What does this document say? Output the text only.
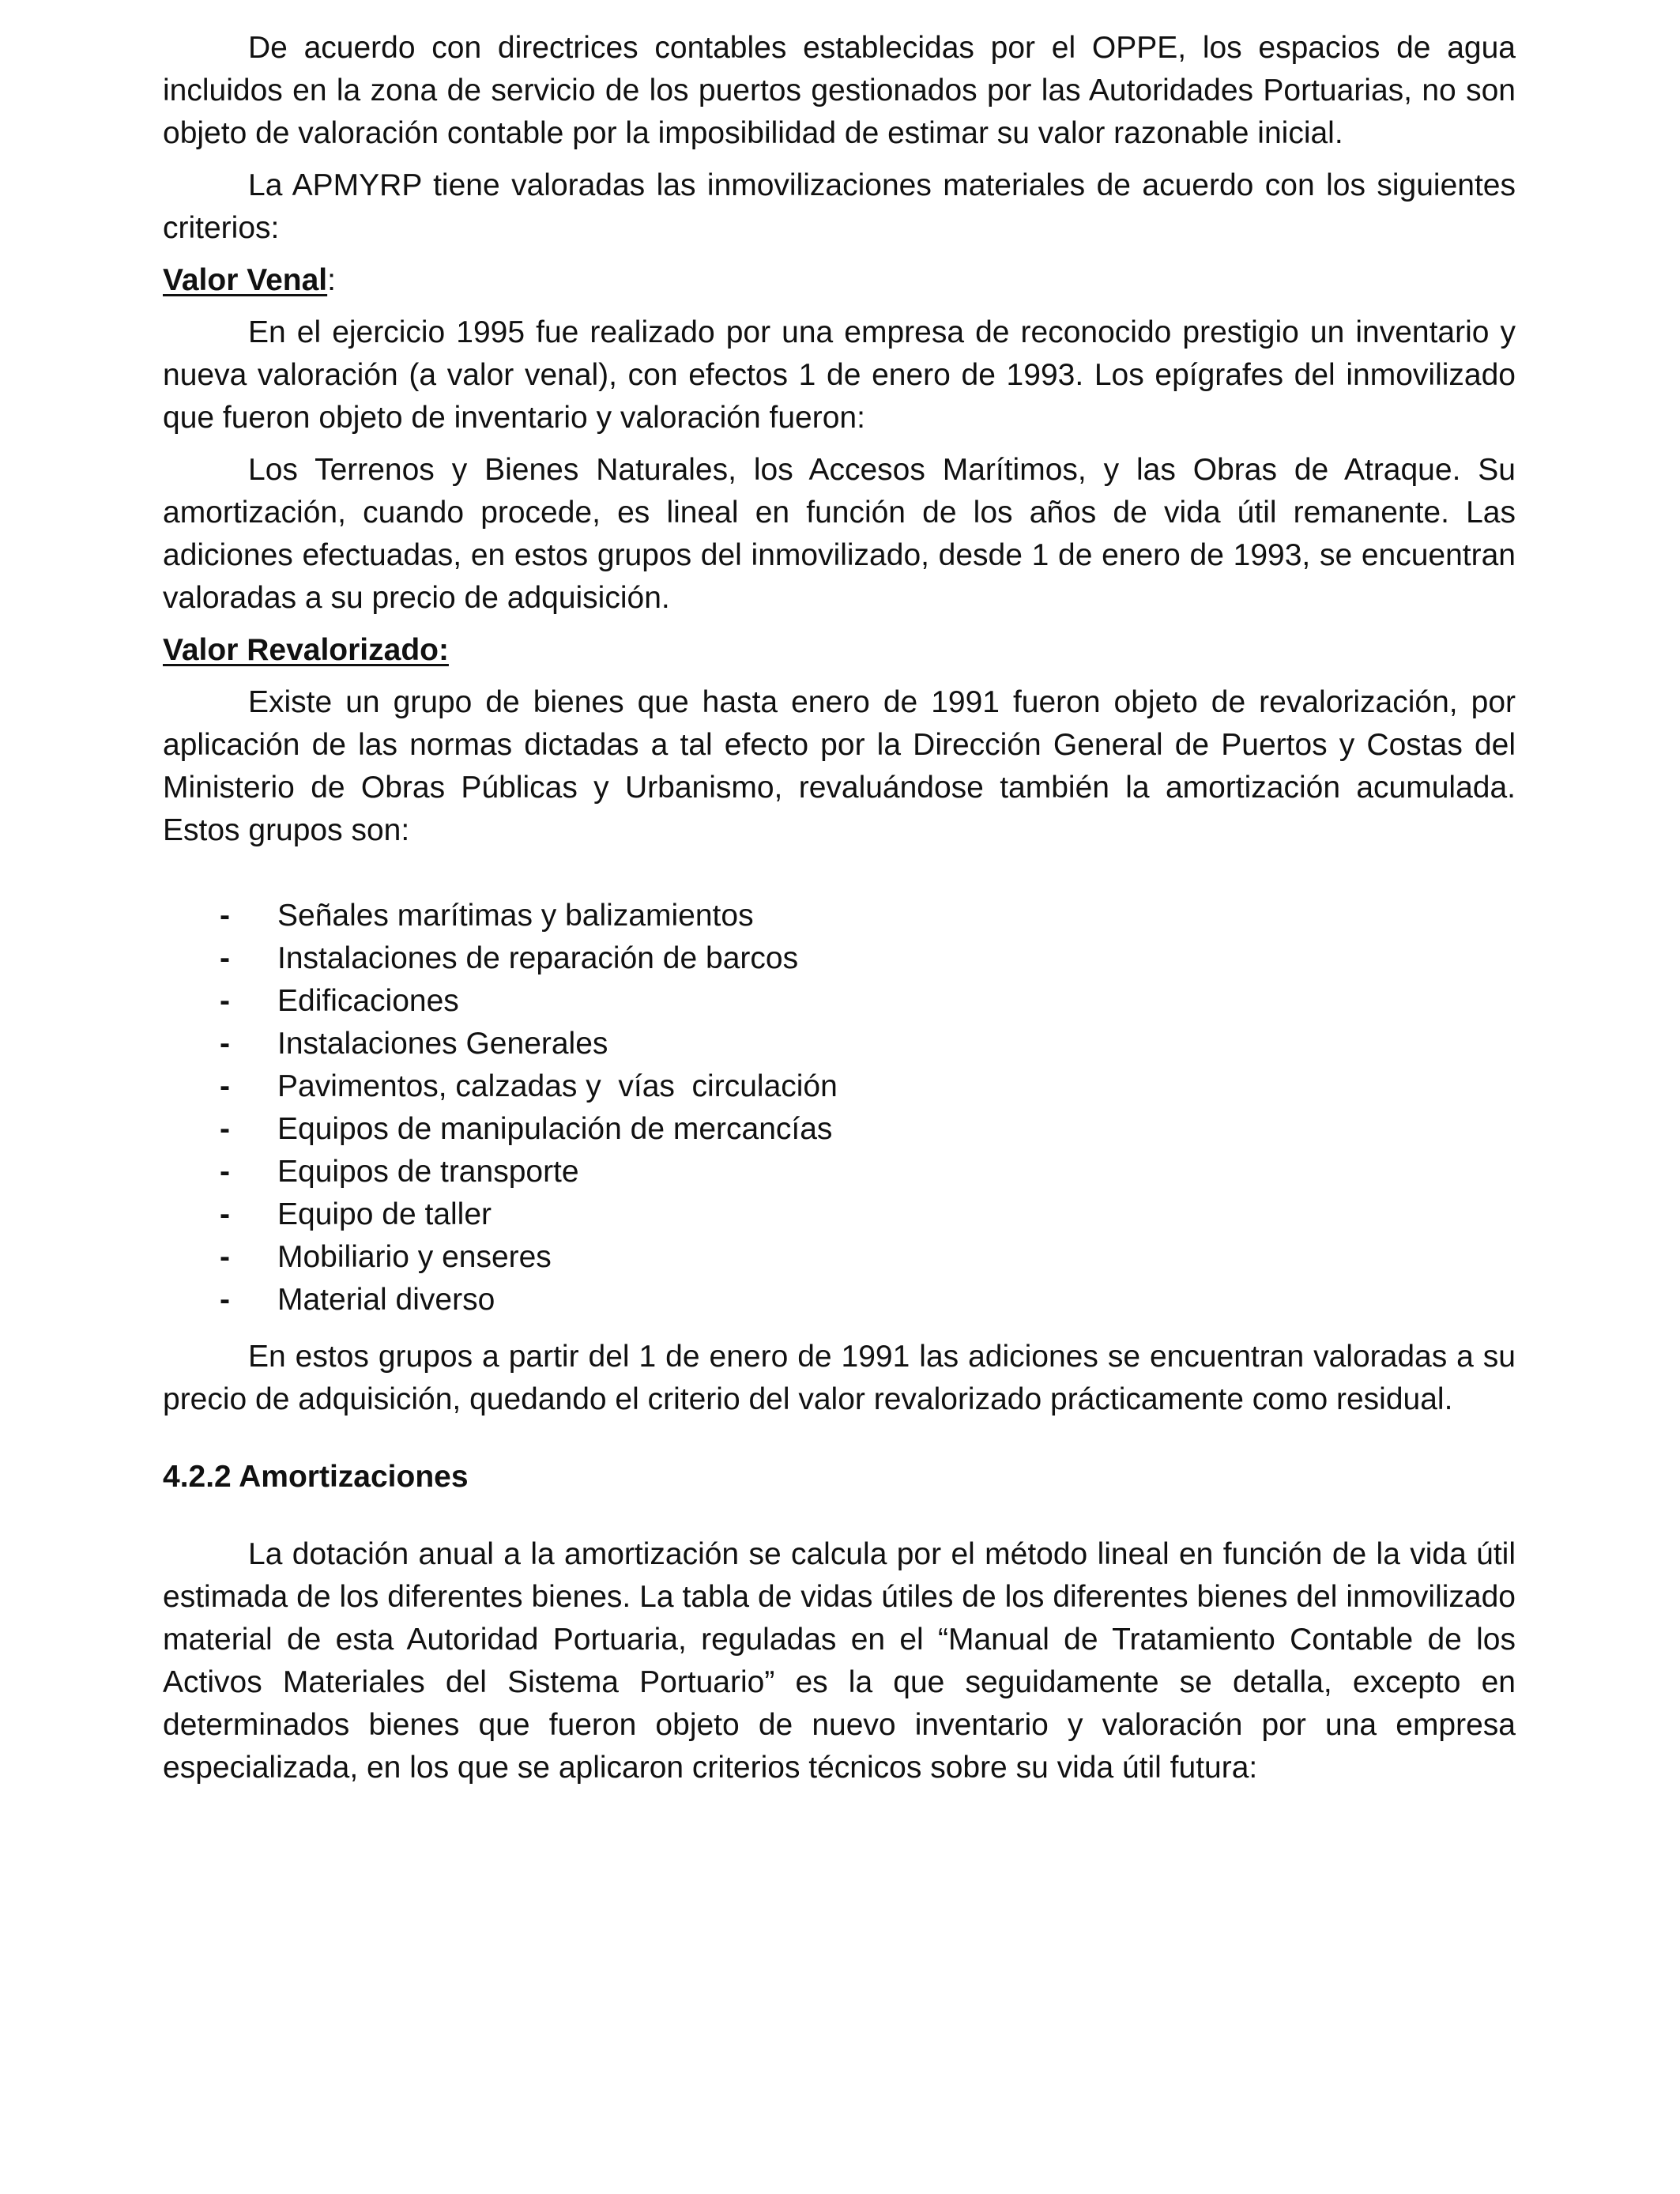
De acuerdo con directrices contables establecidas por el OPPE, los espacios de agua incluidos en la zona de servicio de los puertos gestionados por las Autoridades Portuarias, no son objeto de valoración contable por la imposibilidad de estimar su valor razonable inicial.

La APMYRP tiene valoradas las inmovilizaciones materiales de acuerdo con los siguientes criterios:

Valor Venal:

En el ejercicio 1995 fue realizado por una empresa de reconocido prestigio un inventario y nueva valoración (a valor venal), con efectos 1 de enero de 1993. Los epígrafes del inmovilizado que fueron objeto de inventario y valoración fueron:

Los Terrenos y Bienes Naturales, los Accesos Marítimos, y las Obras de Atraque. Su amortización, cuando procede, es lineal en función de los años de vida útil remanente. Las adiciones efectuadas, en estos grupos del inmovilizado, desde 1 de enero de 1993, se encuentran valoradas a su precio de adquisición.

Valor Revalorizado:

Existe un grupo de bienes que hasta enero de 1991 fueron objeto de revalorización, por aplicación de las normas dictadas a tal efecto por la Dirección General de Puertos y Costas del Ministerio de Obras Públicas y Urbanismo, revaluándose también la amortización acumulada. Estos grupos son:

- Señales marítimas y balizamientos
- Instalaciones de reparación de barcos
- Edificaciones
- Instalaciones Generales
- Pavimentos, calzadas y  vías  circulación
- Equipos de manipulación de mercancías
- Equipos de transporte
- Equipo de taller
- Mobiliario y enseres
- Material diverso

En estos grupos a partir del 1 de enero de 1991 las adiciones se encuentran valoradas a su precio de adquisición, quedando el criterio del valor revalorizado prácticamente como residual.

4.2.2 Amortizaciones

La dotación anual a la amortización se calcula por el método lineal en función de la vida útil estimada de los diferentes bienes. La tabla de vidas útiles de los diferentes bienes del inmovilizado material de esta Autoridad Portuaria, reguladas en el “Manual de Tratamiento Contable de los Activos Materiales del Sistema Portuario” es la que seguidamente se detalla, excepto en determinados bienes que fueron objeto de nuevo inventario y valoración por una empresa especializada, en los que se aplicaron criterios técnicos sobre su vida útil futura:
